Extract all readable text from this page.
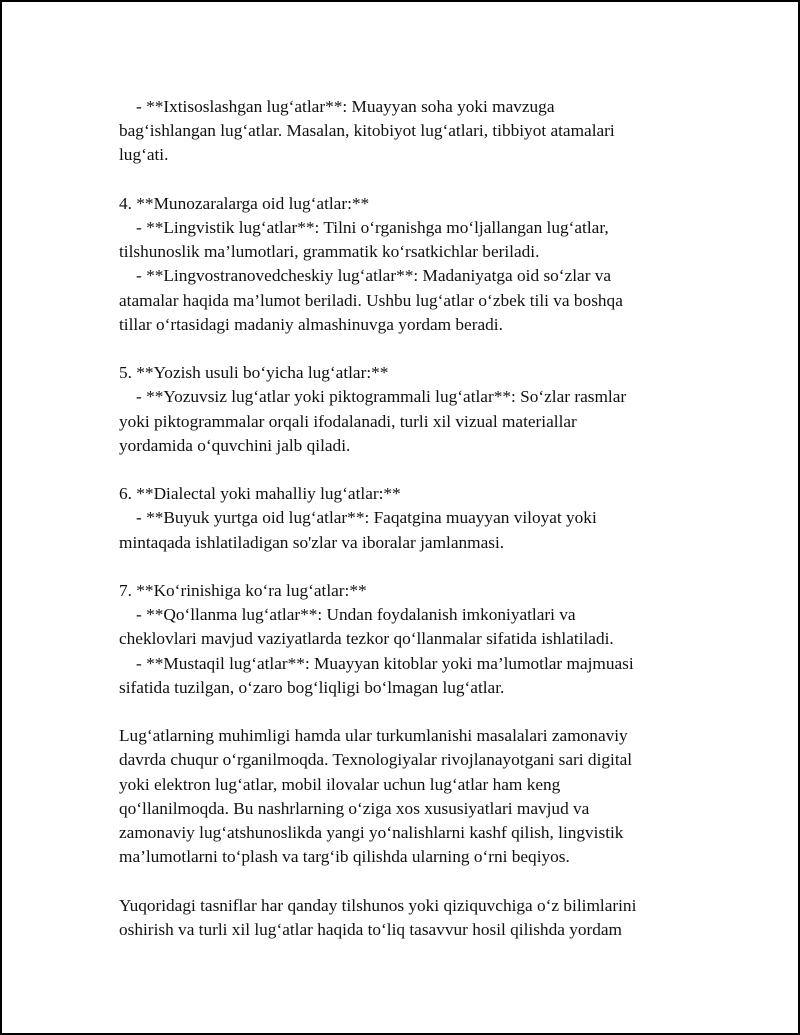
- **Ixtisoslashgan lug‘atlar**: Muayyan soha yoki mavzuga

bag‘ishlangan lug‘atlar. Masalan, kitobiyot lug‘atlari, tibbiyot atamalari

lug‘ati.

4. **Munozaralarga oid lug‘atlar:**

- **Lingvistik lug‘atlar**: Tilni o‘rganishga mo‘ljallangan lug‘atlar,

tilshunoslik ma’lumotlari, grammatik ko‘rsatkichlar beriladi.

- **Lingvostranovedcheskiy lug‘atlar**: Madaniyatga oid so‘zlar va

atamalar haqida ma’lumot beriladi. Ushbu lug‘atlar o‘zbek tili va boshqa

tillar o‘rtasidagi madaniy almashinuvga yordam beradi.

5. **Yozish usuli bo‘yicha lug‘atlar:**

- **Yozuvsiz lug‘atlar yoki piktogrammali lug‘atlar**: So‘zlar rasmlar

yoki piktogrammalar orqali ifodalanadi, turli xil vizual materiallar

yordamida o‘quvchini jalb qiladi.

6. **Dialectal yoki mahalliy lug‘atlar:**

- **Buyuk yurtga oid lug‘atlar**: Faqatgina muayyan viloyat yoki

mintaqada ishlatiladigan so'zlar va iboralar jamlanmasi.

7. **Ko‘rinishiga ko‘ra lug‘atlar:**

- **Qo‘llanma lug‘atlar**: Undan foydalanish imkoniyatlari va

cheklovlari mavjud vaziyatlarda tezkor qo‘llanmalar sifatida ishlatiladi.

- **Mustaqil lug‘atlar**: Muayyan kitoblar yoki ma’lumotlar majmuasi

sifatida tuzilgan, o‘zaro bog‘liqligi bo‘lmagan lug‘atlar.

Lug‘atlarning muhimligi hamda ular turkumlanishi masalalari zamonaviy

davrda chuqur o‘rganilmoqda. Texnologiyalar rivojlanayotgani sari digital

yoki elektron lug‘atlar, mobil ilovalar uchun lug‘atlar ham keng

qo‘llanilmoqda. Bu nashrlarning o‘ziga xos xususiyatlari mavjud va

zamonaviy lug‘atshunoslikda yangi yo‘nalishlarni kashf qilish, lingvistik

ma’lumotlarni to‘plash va targ‘ib qilishda ularning o‘rni beqiyos.

Yuqoridagi tasniflar har qanday tilshunos yoki qiziquvchiga o‘z bilimlarini

oshirish va turli xil lug‘atlar haqida to‘liq tasavvur hosil qilishda yordam
